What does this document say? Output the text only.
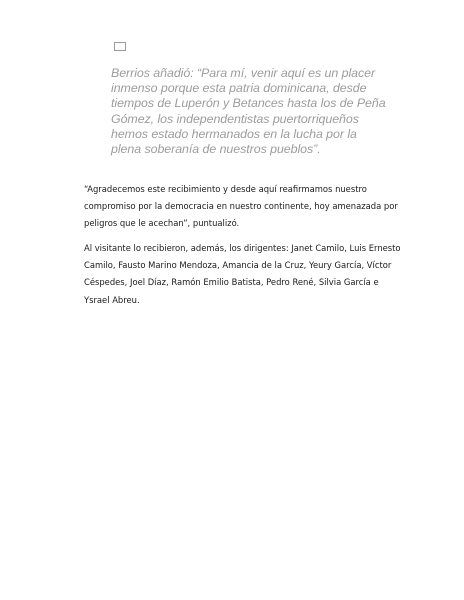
Berrios añadió: “Para mí, venir aquí es un placer
inmenso porque esta patria dominicana, desde
tiempos de Luperón y Betances hasta los de Peña
Gómez, los independentistas puertorriqueños
hemos estado hermanados en la lucha por la
plena soberanía de nuestros pueblos”.

“Agradecemos este recibimiento y desde aquí reafirmamos nuestro
compromiso por la democracia en nuestro continente, hoy amenazada por
peligros que le acechan”, puntualizó.

Al visitante lo recibieron, además, los dirigentes: Janet Camilo, Luis Ernesto
Camilo, Fausto Marino Mendoza, Amancia de la Cruz, Yeury García, Víctor
Céspedes, Joel Díaz, Ramón Emilio Batista, Pedro René, Silvia García e
Ysrael Abreu.
